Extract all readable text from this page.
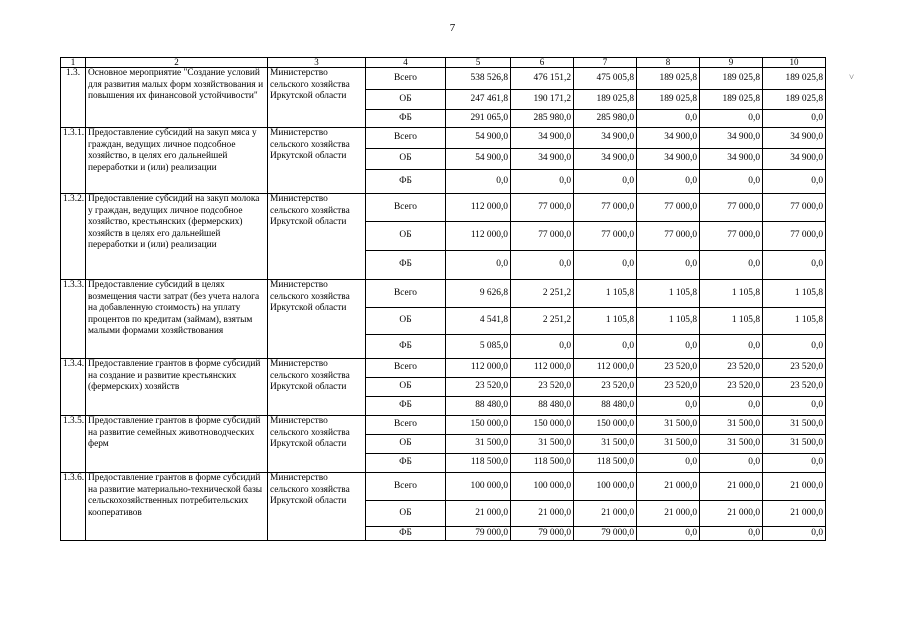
7
˅
1	2	3	4	5	6	7	8	9	10
1.3.	Основное мероприятие "Создание условий для развития малых форм хозяйствования и повышения их финансовой устойчивости"	Министерство сельского хозяйства Иркутской области	Всего	538 526,8	476 151,2	475 005,8	189 025,8	189 025,8	189 025,8
			ОБ	247 461,8	190 171,2	189 025,8	189 025,8	189 025,8	189 025,8
			ФБ	291 065,0	285 980,0	285 980,0	0,0	0,0	0,0
1.3.1.	Предоставление субсидий на закуп мяса у граждан, ведущих личное подсобное хозяйство, в целях его дальнейшей переработки и (или) реализации	Министерство сельского хозяйства Иркутской области	Всего	54 900,0	34 900,0	34 900,0	34 900,0	34 900,0	34 900,0
			ОБ	54 900,0	34 900,0	34 900,0	34 900,0	34 900,0	34 900,0
			ФБ	0,0	0,0	0,0	0,0	0,0	0,0
1.3.2.	Предоставление субсидий на закуп молока у граждан, ведущих личное подсобное хозяйство, крестьянских (фермерских) хозяйств в целях его дальнейшей переработки и (или) реализации	Министерство сельского хозяйства Иркутской области	Всего	112 000,0	77 000,0	77 000,0	77 000,0	77 000,0	77 000,0
			ОБ	112 000,0	77 000,0	77 000,0	77 000,0	77 000,0	77 000,0
			ФБ	0,0	0,0	0,0	0,0	0,0	0,0
1.3.3.	Предоставление субсидий в целях возмещения части затрат (без учета налога на добавленную стоимость) на уплату процентов по кредитам (займам), взятым малыми формами хозяйствования	Министерство сельского хозяйства Иркутской области	Всего	9 626,8	2 251,2	1 105,8	1 105,8	1 105,8	1 105,8
			ОБ	4 541,8	2 251,2	1 105,8	1 105,8	1 105,8	1 105,8
			ФБ	5 085,0	0,0	0,0	0,0	0,0	0,0
1.3.4.	Предоставление грантов в форме субсидий на создание и развитие крестьянских (фермерских) хозяйств	Министерство сельского хозяйства Иркутской области	Всего	112 000,0	112 000,0	112 000,0	23 520,0	23 520,0	23 520,0
			ОБ	23 520,0	23 520,0	23 520,0	23 520,0	23 520,0	23 520,0
			ФБ	88 480,0	88 480,0	88 480,0	0,0	0,0	0,0
1.3.5.	Предоставление грантов в форме субсидий на развитие семейных животноводческих ферм	Министерство сельского хозяйства Иркутской области	Всего	150 000,0	150 000,0	150 000,0	31 500,0	31 500,0	31 500,0
			ОБ	31 500,0	31 500,0	31 500,0	31 500,0	31 500,0	31 500,0
			ФБ	118 500,0	118 500,0	118 500,0	0,0	0,0	0,0
1.3.6.	Предоставление грантов в форме субсидий на развитие материально-технической базы сельскохозяйственных потребительских кооперативов	Министерство сельского хозяйства Иркутской области	Всего	100 000,0	100 000,0	100 000,0	21 000,0	21 000,0	21 000,0
			ОБ	21 000,0	21 000,0	21 000,0	21 000,0	21 000,0	21 000,0
			ФБ	79 000,0	79 000,0	79 000,0	0,0	0,0	0,0
